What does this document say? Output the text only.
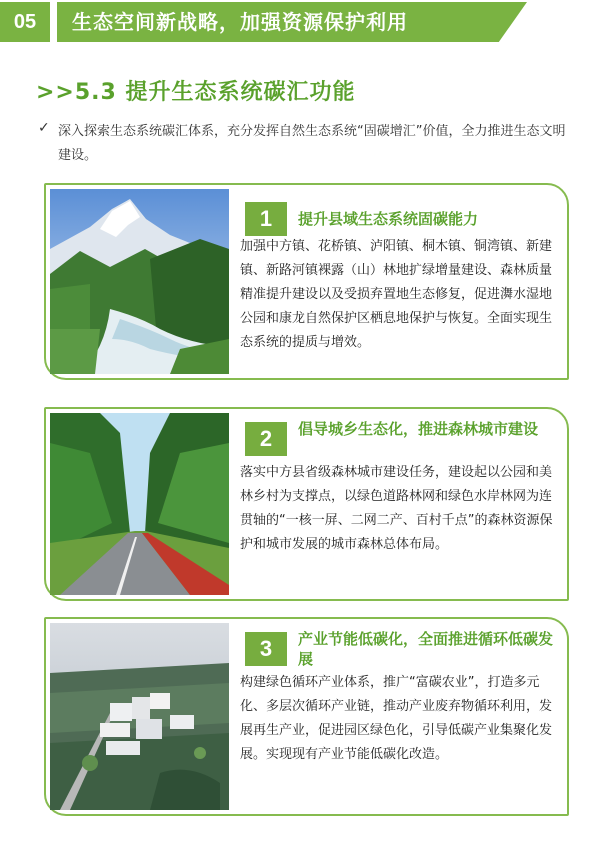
05	生态空间新战略，加强资源保护利用
>>5.3 提升生态系统碳汇功能
✓ 深入探索生态系统碳汇体系，充分发挥自然生态系统“固碳增汇”价值，全力推进生态文明建设。
1	提升县域生态系统固碳能力
加强中方镇、花桥镇、泸阳镇、桐木镇、铜湾镇、新建镇、新路河镇裸露（山）林地扩绿增量建设、森林质量精准提升建设以及受损弃置地生态修复，促进㵲水湿地公园和康龙自然保护区栖息地保护与恢复。全面实现生态系统的提质与增效。
2	倡导城乡生态化，推进森林城市建设
落实中方县省级森林城市建设任务，建设起以公园和美林乡村为支撑点，以绿色道路林网和绿色水岸林网为连贯轴的“一核一屏、二网二产、百村千点”的森林资源保护和城市发展的城市森林总体布局。
3	产业节能低碳化，全面推进循环低碳发展
构建绿色循环产业体系，推广“富碳农业”，打造多元化、多层次循环产业链，推动产业废弃物循环利用，发展再生产业，促进园区绿色化，引导低碳产业集聚化发展。实现现有产业节能低碳化改造。
